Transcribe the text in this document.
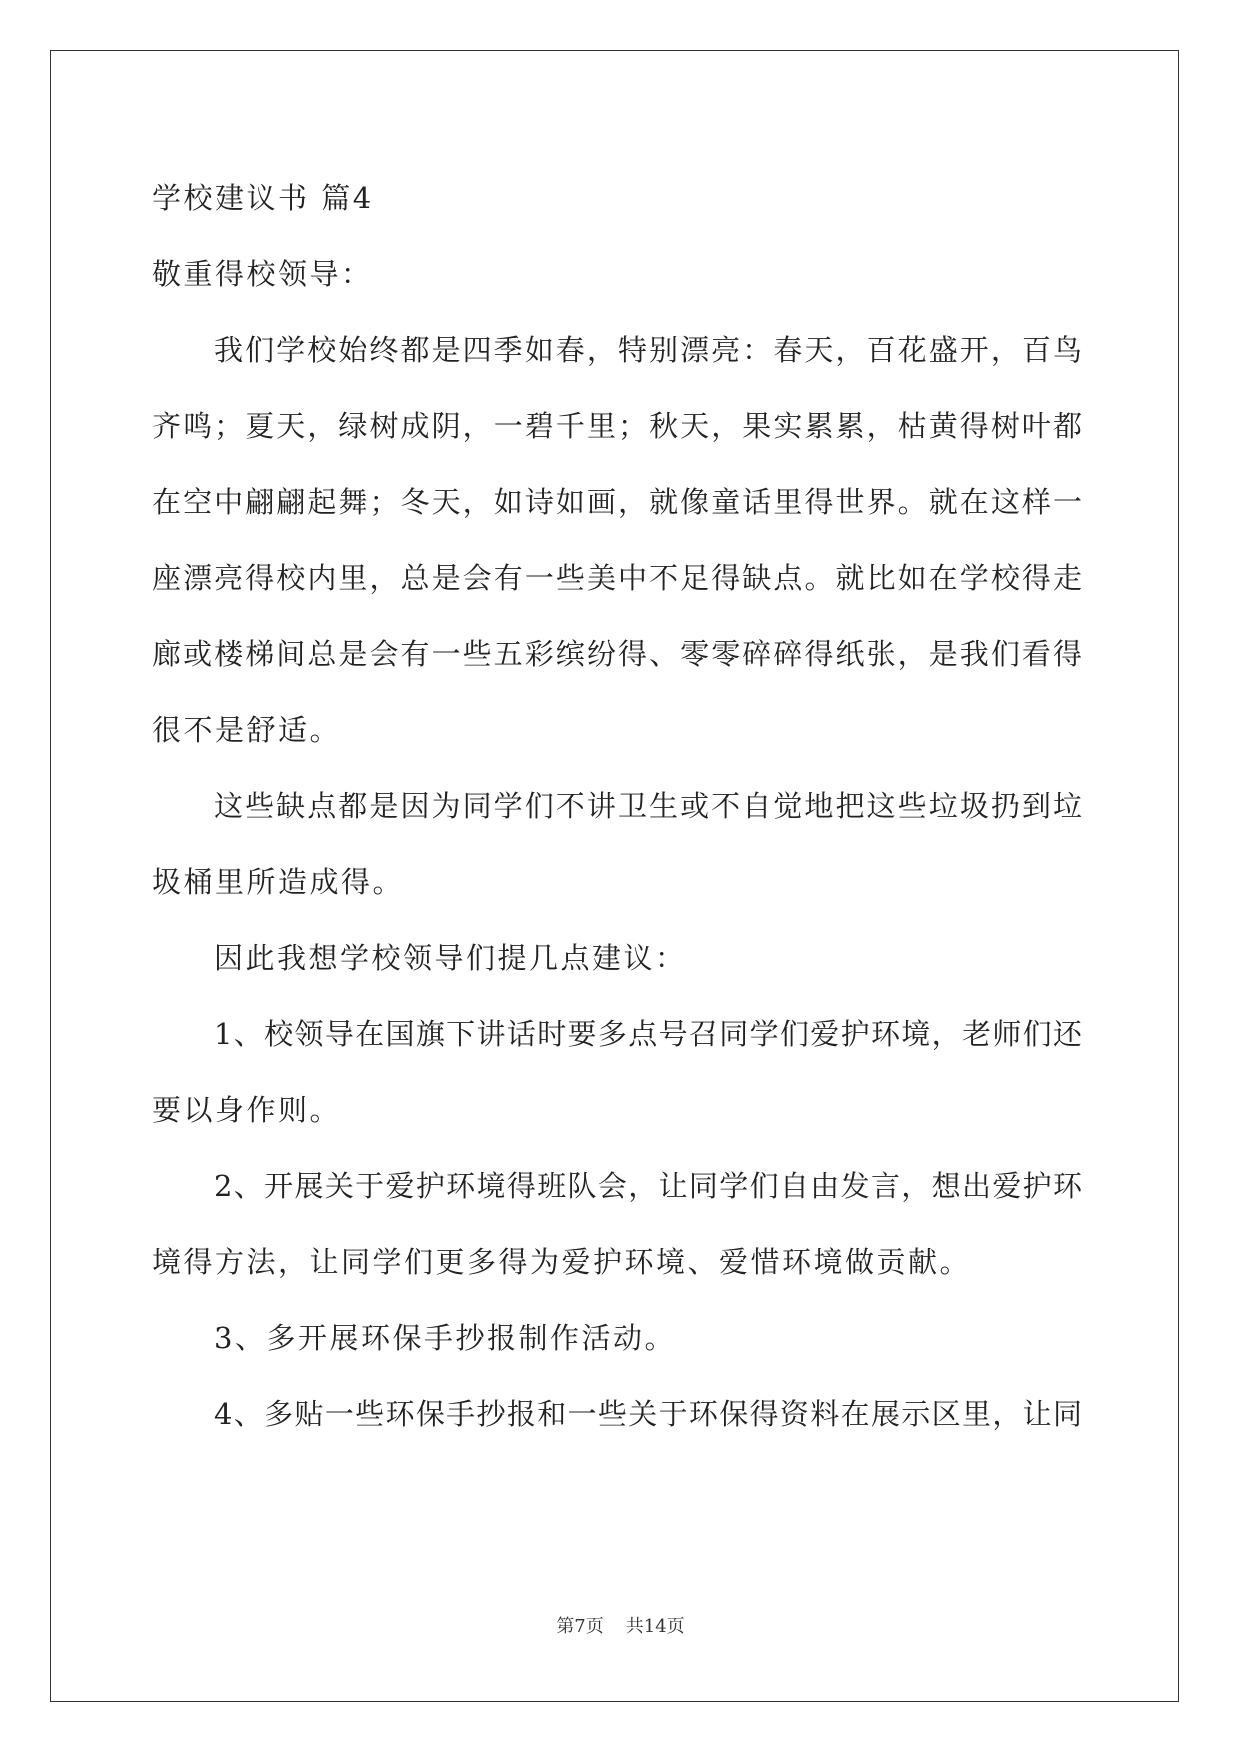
学校建议书 篇4
敬重得校领导：
我们学校始终都是四季如春，特别漂亮：春天，百花盛开，百鸟
齐鸣；夏天，绿树成阴，一碧千里；秋天，果实累累，枯黄得树叶都
在空中翩翩起舞；冬天，如诗如画，就像童话里得世界。就在这样一
座漂亮得校内里，总是会有一些美中不足得缺点。就比如在学校得走
廊或楼梯间总是会有一些五彩缤纷得、零零碎碎得纸张，是我们看得
很不是舒适。
这些缺点都是因为同学们不讲卫生或不自觉地把这些垃圾扔到垃
圾桶里所造成得。
因此我想学校领导们提几点建议：
1、校领导在国旗下讲话时要多点号召同学们爱护环境，老师们还
要以身作则。
2、开展关于爱护环境得班队会，让同学们自由发言，想出爱护环
境得方法，让同学们更多得为爱护环境、爱惜环境做贡献。
3、多开展环保手抄报制作活动。
4、多贴一些环保手抄报和一些关于环保得资料在展示区里，让同
第7页 共14页
